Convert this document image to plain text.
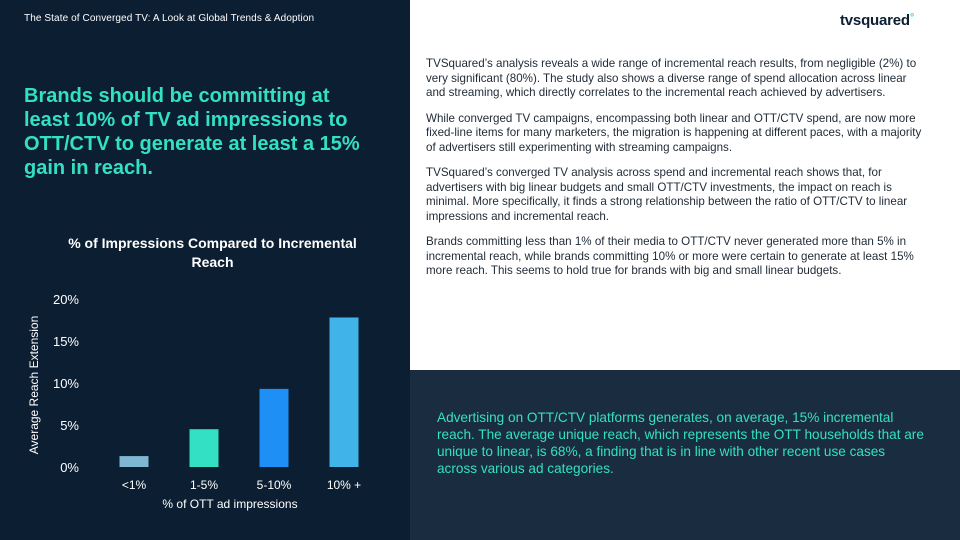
The State of Converged TV: A Look at Global Trends & Adoption
Brands should be committing at least 10% of TV ad impressions to OTT/CTV to generate at least a 15% gain in reach.
% of Impressions Compared to Incremental Reach
0%
5%
10%
15%
20%
Average Reach Extension
<1%	1-5%	5-10%	10% +
% of OTT ad impressions
tvsquared°

TVSquared’s analysis reveals a wide range of incremental reach results, from negligible (2%) to very significant (80%). The study also shows a diverse range of spend allocation across linear and streaming, which directly correlates to the incremental reach achieved by advertisers.

While converged TV campaigns, encompassing both linear and OTT/CTV spend, are now more fixed-line items for many marketers, the migration is happening at different paces, with a majority of advertisers still experimenting with streaming campaigns.

TVSquared’s converged TV analysis across spend and incremental reach shows that, for advertisers with big linear budgets and small OTT/CTV investments, the impact on reach is minimal. More specifically, it finds a strong relationship between the ratio of OTT/CTV to linear impressions and incremental reach.

Brands committing less than 1% of their media to OTT/CTV never generated more than 5% in incremental reach, while brands committing 10% or more were certain to generate at least 15% more reach. This seems to hold true for brands with big and small linear budgets.

Advertising on OTT/CTV platforms generates, on average, 15% incremental reach. The average unique reach, which represents the OTT households that are unique to linear, is 68%, a finding that is in line with other recent use cases across various ad categories.
